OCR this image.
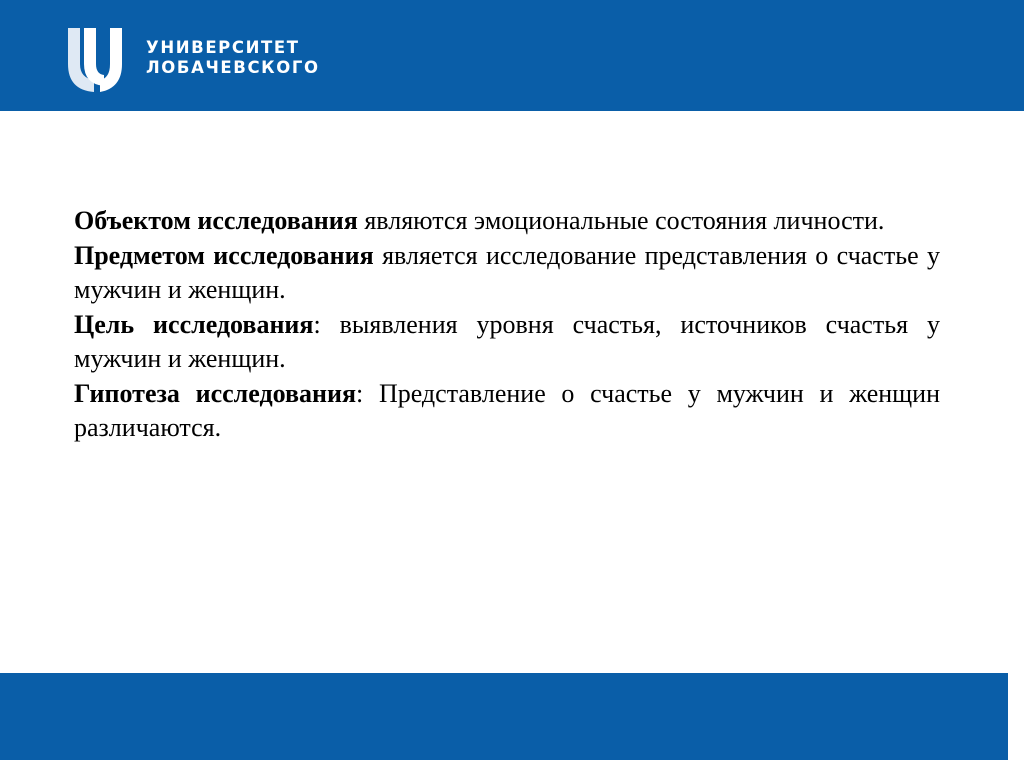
УНИВЕРСИТЕТ
ЛОБАЧЕВСКОГО

Объектом исследования являются эмоциональные состояния личности.

Предметом исследования является исследование представления о счастье у мужчин и женщин.

Цель исследования: выявления уровня счастья, источников счастья у мужчин и женщин.

Гипотеза исследования: Представление о счастье у мужчин и женщин различаются.
